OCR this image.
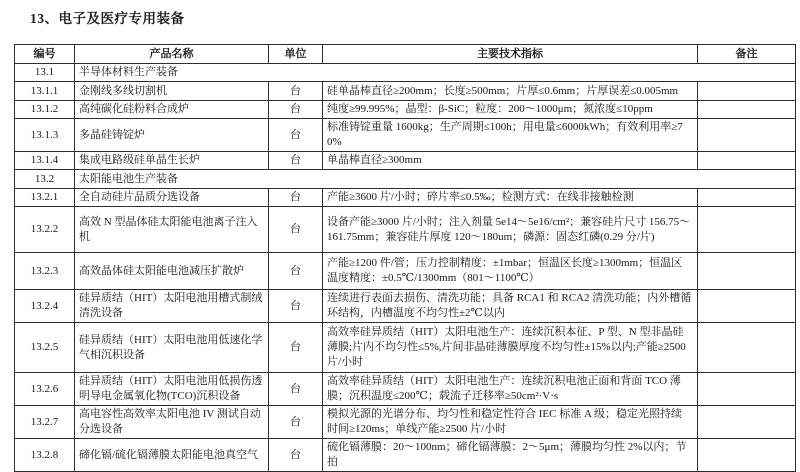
13、电子及医疗专用装备
编号	产品名称	单位	主要技术指标	备注
13.1	半导体材料生产装备			
13.1.1	金刚线多线切割机	台	硅单晶棒直径≥200mm；长度≥500mm；片厚≤0.6mm；片厚误差≤0.005mm	
13.1.2	高纯碳化硅粉料合成炉	台	纯度≥99.995%；晶型：β-SiC；粒度：200～1000μm；氮浓度≤10ppm	
13.1.3	多晶硅铸锭炉	台	标准铸锭重量 1600kg；生产周期≤100h；用电量≤6000kWh；有效利用率≥70%	
13.1.4	集成电路级硅单晶生长炉	台	单晶棒直径≥300mm	
13.2	太阳能电池生产装备			
13.2.1	全自动硅片品质分选设备	台	产能≥3600 片/小时；碎片率≤0.5‰；检测方式：在线非接触检测	
13.2.2	高效 N 型晶体硅太阳能电池离子注入机	台	设备产能≥3000 片/小时；注入剂量 5e14～5e16/cm²；兼容硅片尺寸 156.75～161.75mm；兼容硅片厚度 120～180um；磷源：固态红磷(0.29 分/片)	
13.2.3	高效晶体硅太阳能电池减压扩散炉	台	产能≥1200 件/管；压力控制精度：±1mbar；恒温区长度≥1300mm；恒温区温度精度：±0.5℃/1300mm（801～1100℃）	
13.2.4	硅异质结（HIT）太阳电池用槽式制绒清洗设备	台	连续进行表面去损伤、清洗功能；具备 RCA1 和 RCA2 清洗功能；内外槽循环结构，内槽温度不均匀性±2℃以内	
13.2.5	硅异质结（HIT）太阳电池用低速化学气相沉积设备	台	高效率硅异质结（HIT）太阳电池生产：连续沉积本征、P 型、N 型非晶硅薄膜;片内不均匀性≤5%,片间非晶硅薄膜厚度不均匀性±15%以内;产能≥2500 片/小时	
13.2.6	硅异质结（HIT）太阳电池用低损伤透明导电金属氧化物(TCO)沉积设备	台	高效率硅异质结（HIT）太阳电池生产：连续沉积电池正面和背面 TCO 薄膜；沉积温度≤200℃；载流子迁移率≥50cm²·V·s	
13.2.7	高电容性高效率太阳电池 IV 测试自动分选设备	台	模拟光源的光谱分布、均匀性和稳定性符合 IEC 标准 A 级；稳定光照持续时间≥120ms；单线产能≥2500 片/小时	
13.2.8	碲化镉/硫化镉薄膜太阳能电池真空气	台	硫化镉薄膜：20～100nm；碲化镉薄膜：2～5μm；薄膜均匀性 2%以内；节拍	
